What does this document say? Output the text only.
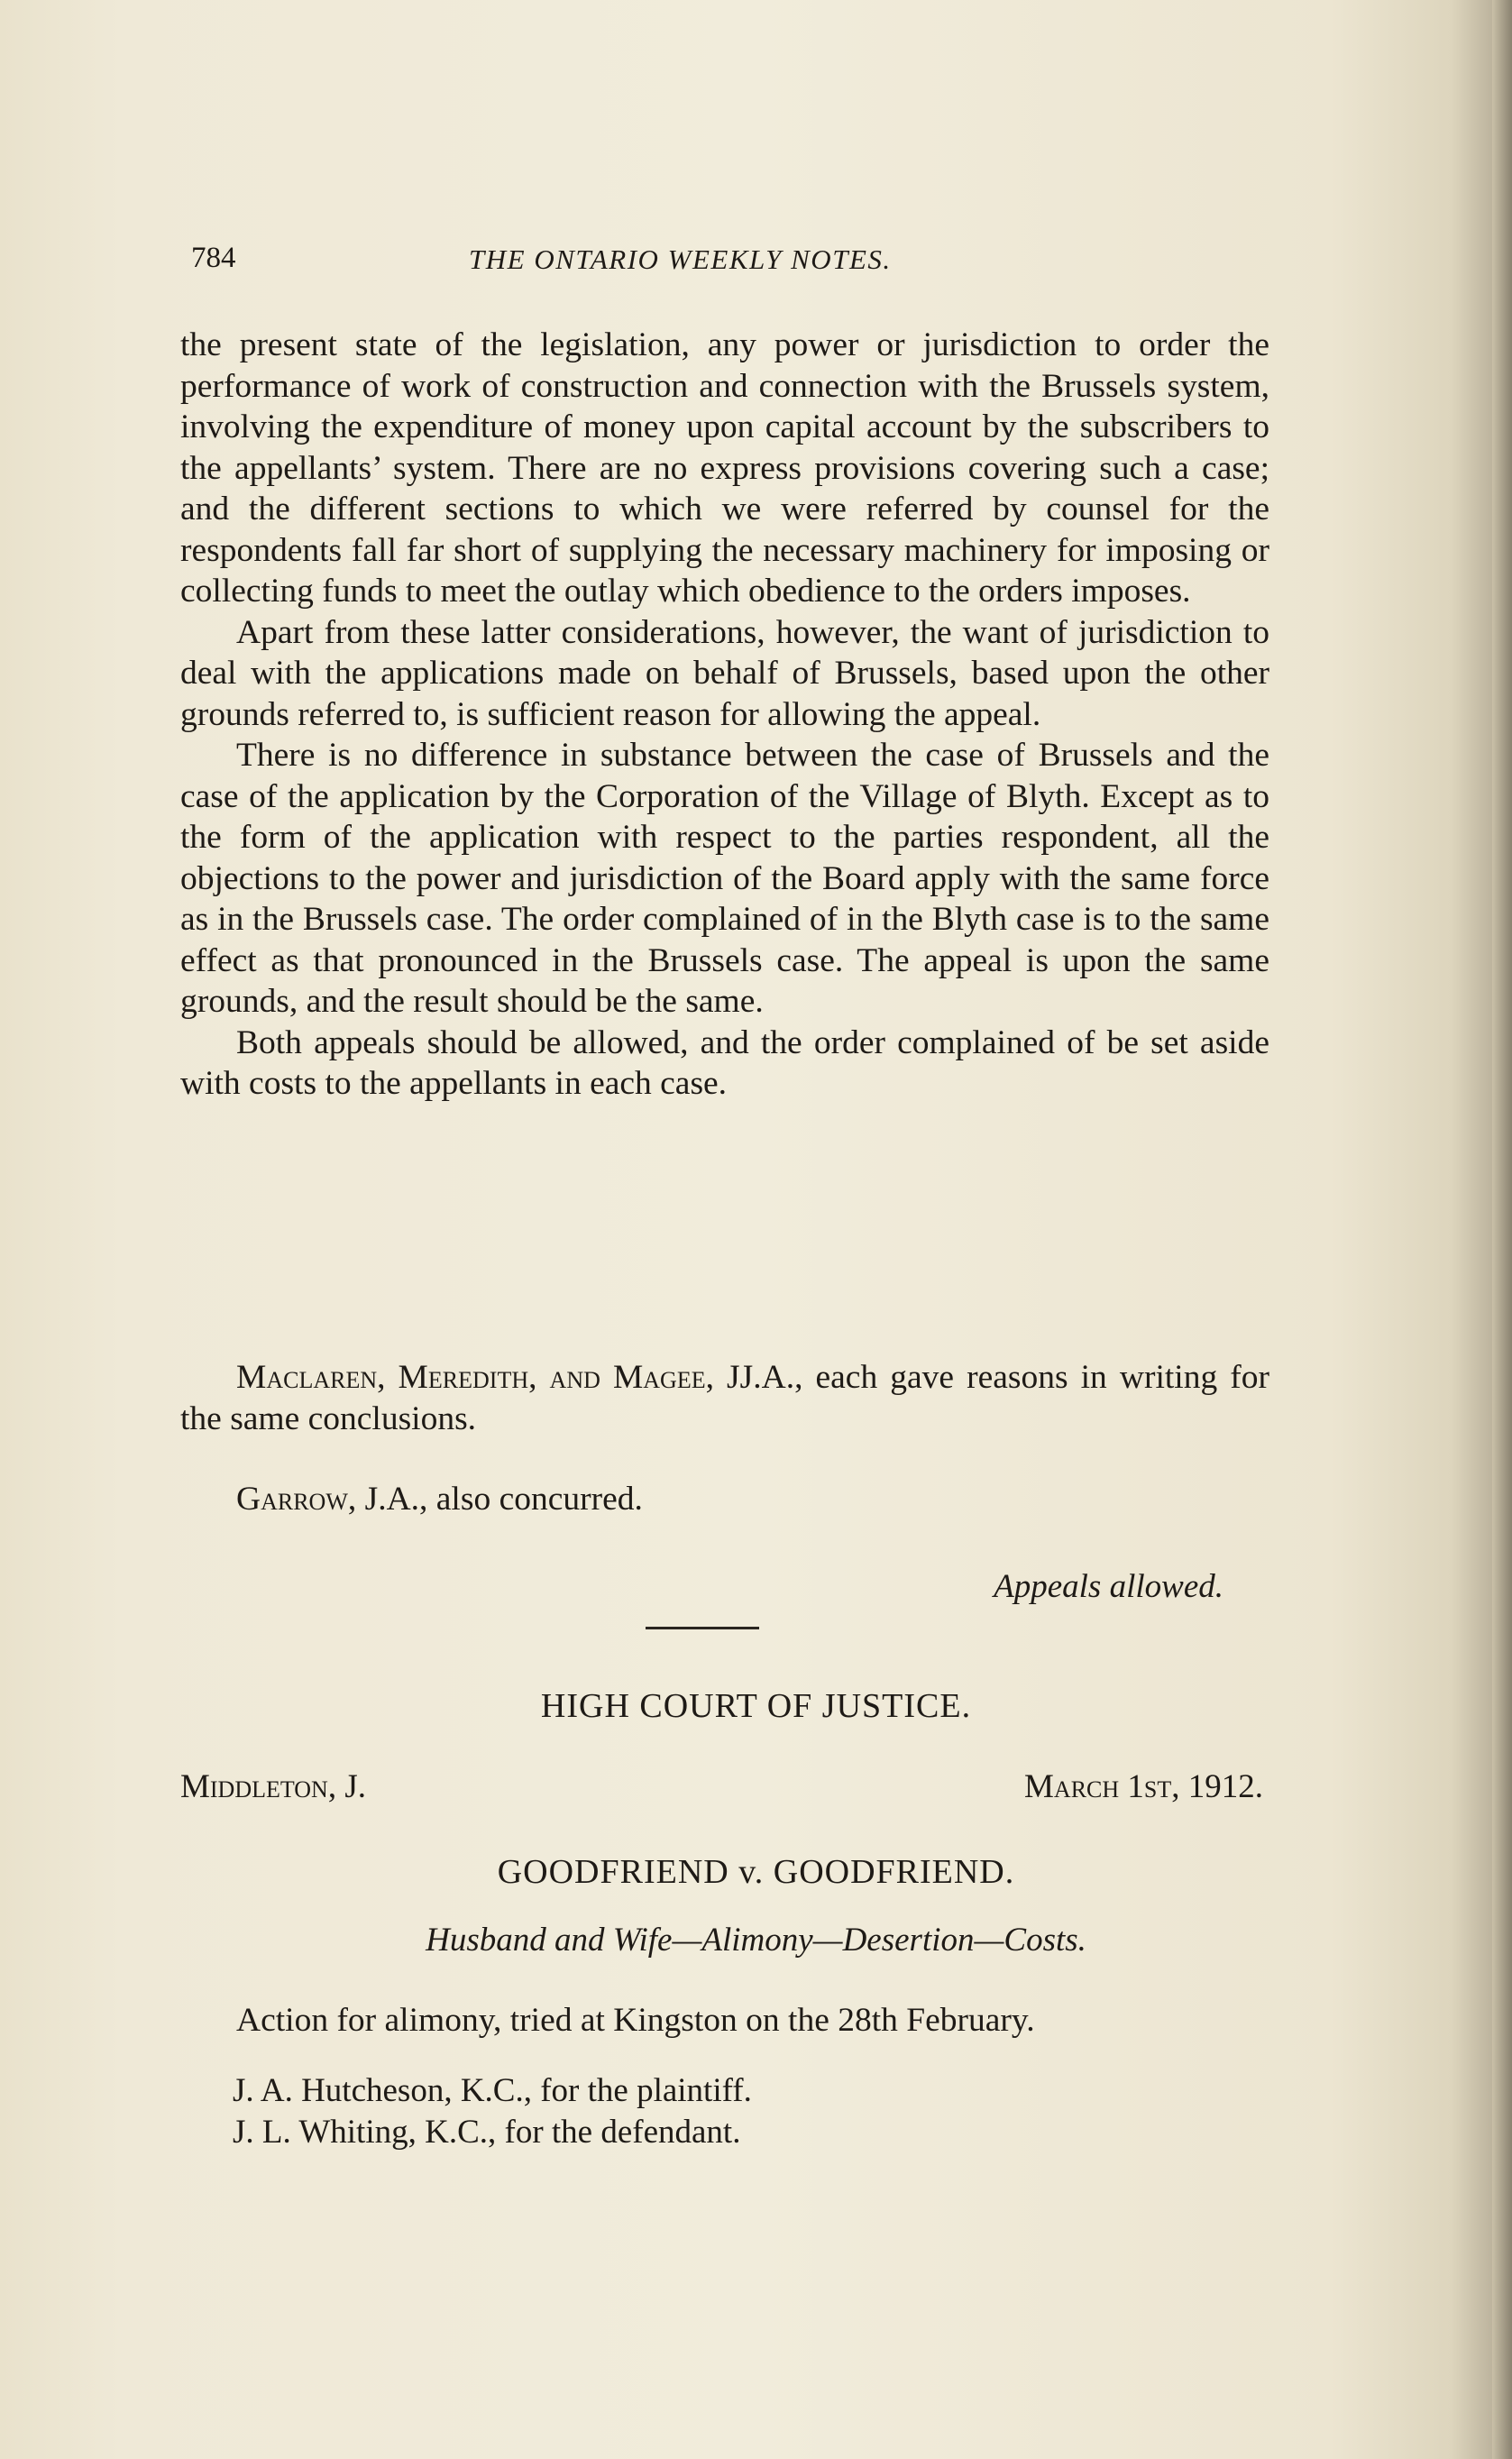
784	THE ONTARIO WEEKLY NOTES.

the present state of the legislation, any power or jurisdiction to order the performance of work of construction and connection with the Brussels system, involving the expenditure of money upon capital account by the subscribers to the appellants’ system. There are no express provisions covering such a case; and the different sections to which we were referred by counsel for the respondents fall far short of supplying the necessary machinery for imposing or collecting funds to meet the outlay which obedience to the orders imposes.

Apart from these latter considerations, however, the want of jurisdiction to deal with the applications made on behalf of Brussels, based upon the other grounds referred to, is sufficient reason for allowing the appeal.

There is no difference in substance between the case of Brussels and the case of the application by the Corporation of the Village of Blyth. Except as to the form of the application with respect to the parties respondent, all the objections to the power and jurisdiction of the Board apply with the same force as in the Brussels case. The order complained of in the Blyth case is to the same effect as that pronounced in the Brussels case. The appeal is upon the same grounds, and the result should be the same.

Both appeals should be allowed, and the order complained of be set aside with costs to the appellants in each case.

Maclaren, Meredith, and Magee, JJ.A., each gave reasons in writing for the same conclusions.

Garrow, J.A., also concurred.

Appeals allowed.
HIGH COURT OF JUSTICE.
Middleton, J.	March 1st, 1912.
GOODFRIEND v. GOODFRIEND.
Husband and Wife—Alimony—Desertion—Costs.

Action for alimony, tried at Kingston on the 28th February.

J. A. Hutcheson, K.C., for the plaintiff.
J. L. Whiting, K.C., for the defendant.
